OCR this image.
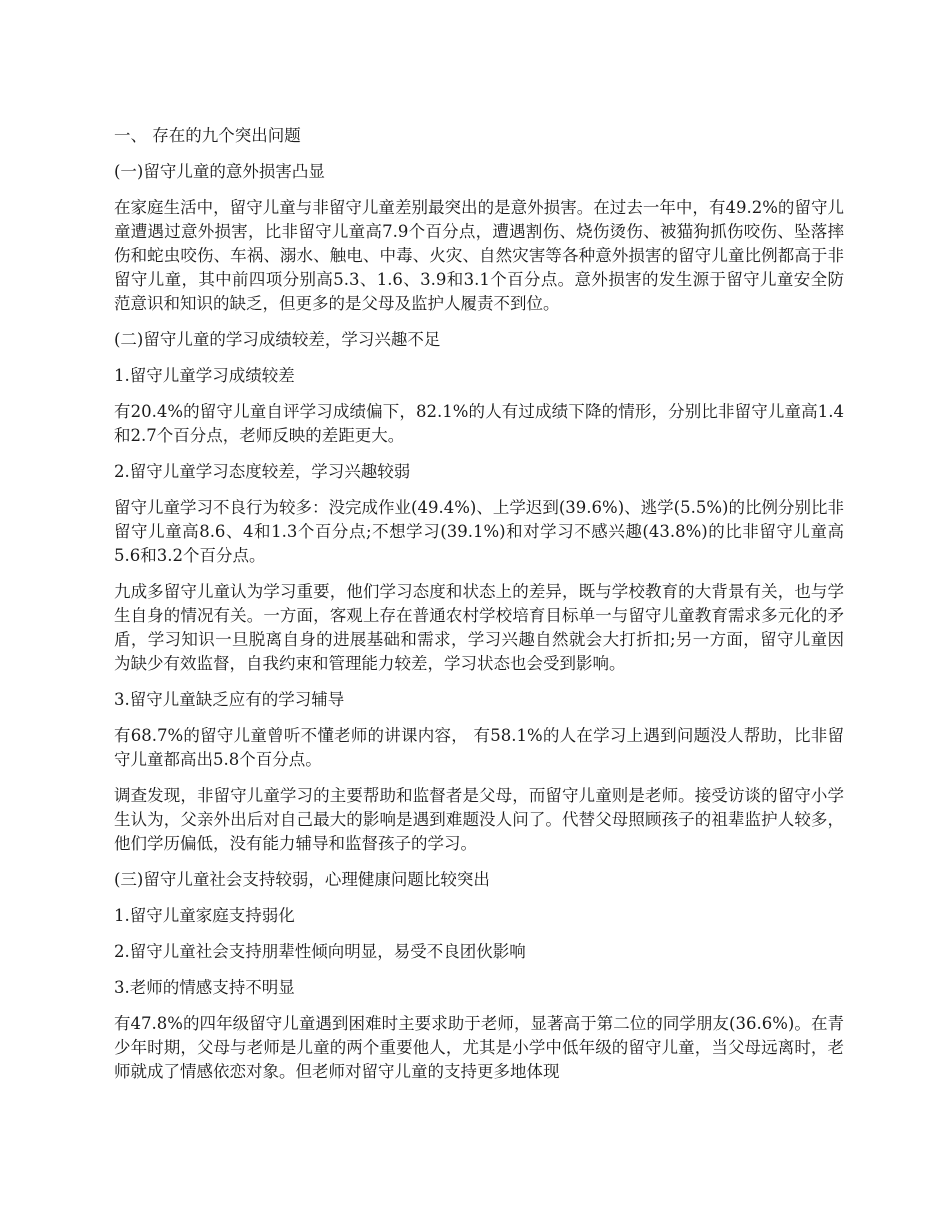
一、 存在的九个突出问题

(一)留守儿童的意外损害凸显

在家庭生活中，留守儿童与非留守儿童差别最突出的是意外损害。在过去一年中，有49.2%的留守儿童遭遇过意外损害，比非留守儿童高7.9个百分点，遭遇割伤、烧伤烫伤、被猫狗抓伤咬伤、坠落摔伤和蛇虫咬伤、车祸、溺水、触电、中毒、火灾、自然灾害等各种意外损害的留守儿童比例都高于非留守儿童，其中前四项分别高5.3、1.6、3.9和3.1个百分点。意外损害的发生源于留守儿童安全防范意识和知识的缺乏，但更多的是父母及监护人履责不到位。

(二)留守儿童的学习成绩较差，学习兴趣不足

1.留守儿童学习成绩较差

有20.4%的留守儿童自评学习成绩偏下，82.1%的人有过成绩下降的情形，分别比非留守儿童高1.4和2.7个百分点，老师反映的差距更大。

2.留守儿童学习态度较差，学习兴趣较弱

留守儿童学习不良行为较多：没完成作业(49.4%)、上学迟到(39.6%)、逃学(5.5%)的比例分别比非留守儿童高8.6、4和1.3个百分点;不想学习(39.1%)和对学习不感兴趣(43.8%)的比非留守儿童高5.6和3.2个百分点。

九成多留守儿童认为学习重要，他们学习态度和状态上的差异，既与学校教育的大背景有关，也与学生自身的情况有关。一方面，客观上存在普通农村学校培育目标单一与留守儿童教育需求多元化的矛盾，学习知识一旦脱离自身的进展基础和需求，学习兴趣自然就会大打折扣;另一方面，留守儿童因为缺少有效监督，自我约束和管理能力较差，学习状态也会受到影响。

3.留守儿童缺乏应有的学习辅导

有68.7%的留守儿童曾听不懂老师的讲课内容， 有58.1%的人在学习上遇到问题没人帮助，比非留守儿童都高出5.8个百分点。

调查发现，非留守儿童学习的主要帮助和监督者是父母，而留守儿童则是老师。接受访谈的留守小学生认为，父亲外出后对自己最大的影响是遇到难题没人问了。代替父母照顾孩子的祖辈监护人较多，他们学历偏低，没有能力辅导和监督孩子的学习。

(三)留守儿童社会支持较弱，心理健康问题比较突出

1.留守儿童家庭支持弱化

2.留守儿童社会支持朋辈性倾向明显，易受不良团伙影响

3.老师的情感支持不明显

有47.8%的四年级留守儿童遇到困难时主要求助于老师，显著高于第二位的同学朋友(36.6%)。在青少年时期，父母与老师是儿童的两个重要他人，尤其是小学中低年级的留守儿童，当父母远离时，老师就成了情感依恋对象。但老师对留守儿童的支持更多地体现
